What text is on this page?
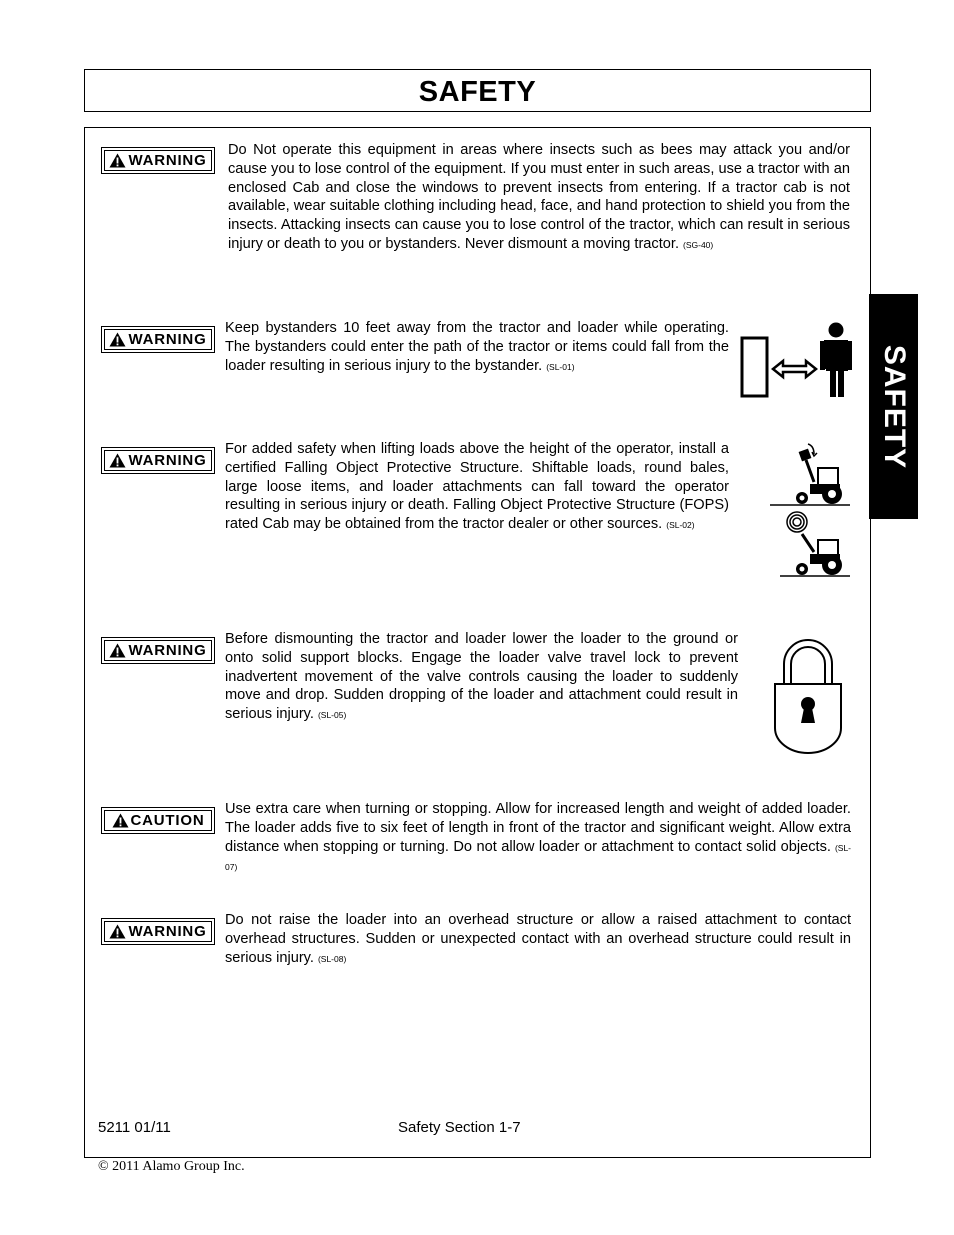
SAFETY
SAFETY
WARNING
Do Not operate this equipment in areas where insects such as bees may attack you and/or cause you to lose control of the equipment. If you must enter in such areas, use a tractor with an enclosed Cab and close the windows to prevent insects from entering. If a tractor cab is not available, wear suitable clothing including head, face, and hand protection to shield you from the insects. Attacking insects can cause you to lose control of the tractor, which can result in serious injury or death to you or bystanders. Never dismount a moving tractor. (SG-40)
WARNING
Keep bystanders 10 feet away from the tractor and loader while operating. The bystanders could enter the path of the tractor or items could fall from the loader resulting in serious injury to the bystander. (SL-01)
WARNING
For added safety when lifting loads above the height of the operator, install a certified Falling Object Protective Structure. Shiftable loads, round bales, large loose items, and loader attachments can fall toward the operator resulting in serious injury or death. Falling Object Protective Structure (FOPS) rated Cab may be obtained from the tractor dealer or other sources. (SL-02)
WARNING
Before dismounting the tractor and loader lower the loader to the ground or onto solid support blocks. Engage the loader valve travel lock to prevent inadvertent movement of the valve controls causing the loader to suddenly move and drop. Sudden dropping of the loader and attachment could result in serious injury. (SL-05)
CAUTION
Use extra care when turning or stopping. Allow for increased length and weight of added loader. The loader adds five to six feet of length in front of the tractor and significant weight. Allow extra distance when stopping or turning. Do not allow loader or attachment to contact solid objects. (SL-07)
WARNING
Do not raise the loader into an overhead structure or allow a raised attachment to contact overhead structures. Sudden or unexpected contact with an overhead structure could result in serious injury. (SL-08)
5211 01/11	Safety Section 1-7
© 2011 Alamo Group Inc.
